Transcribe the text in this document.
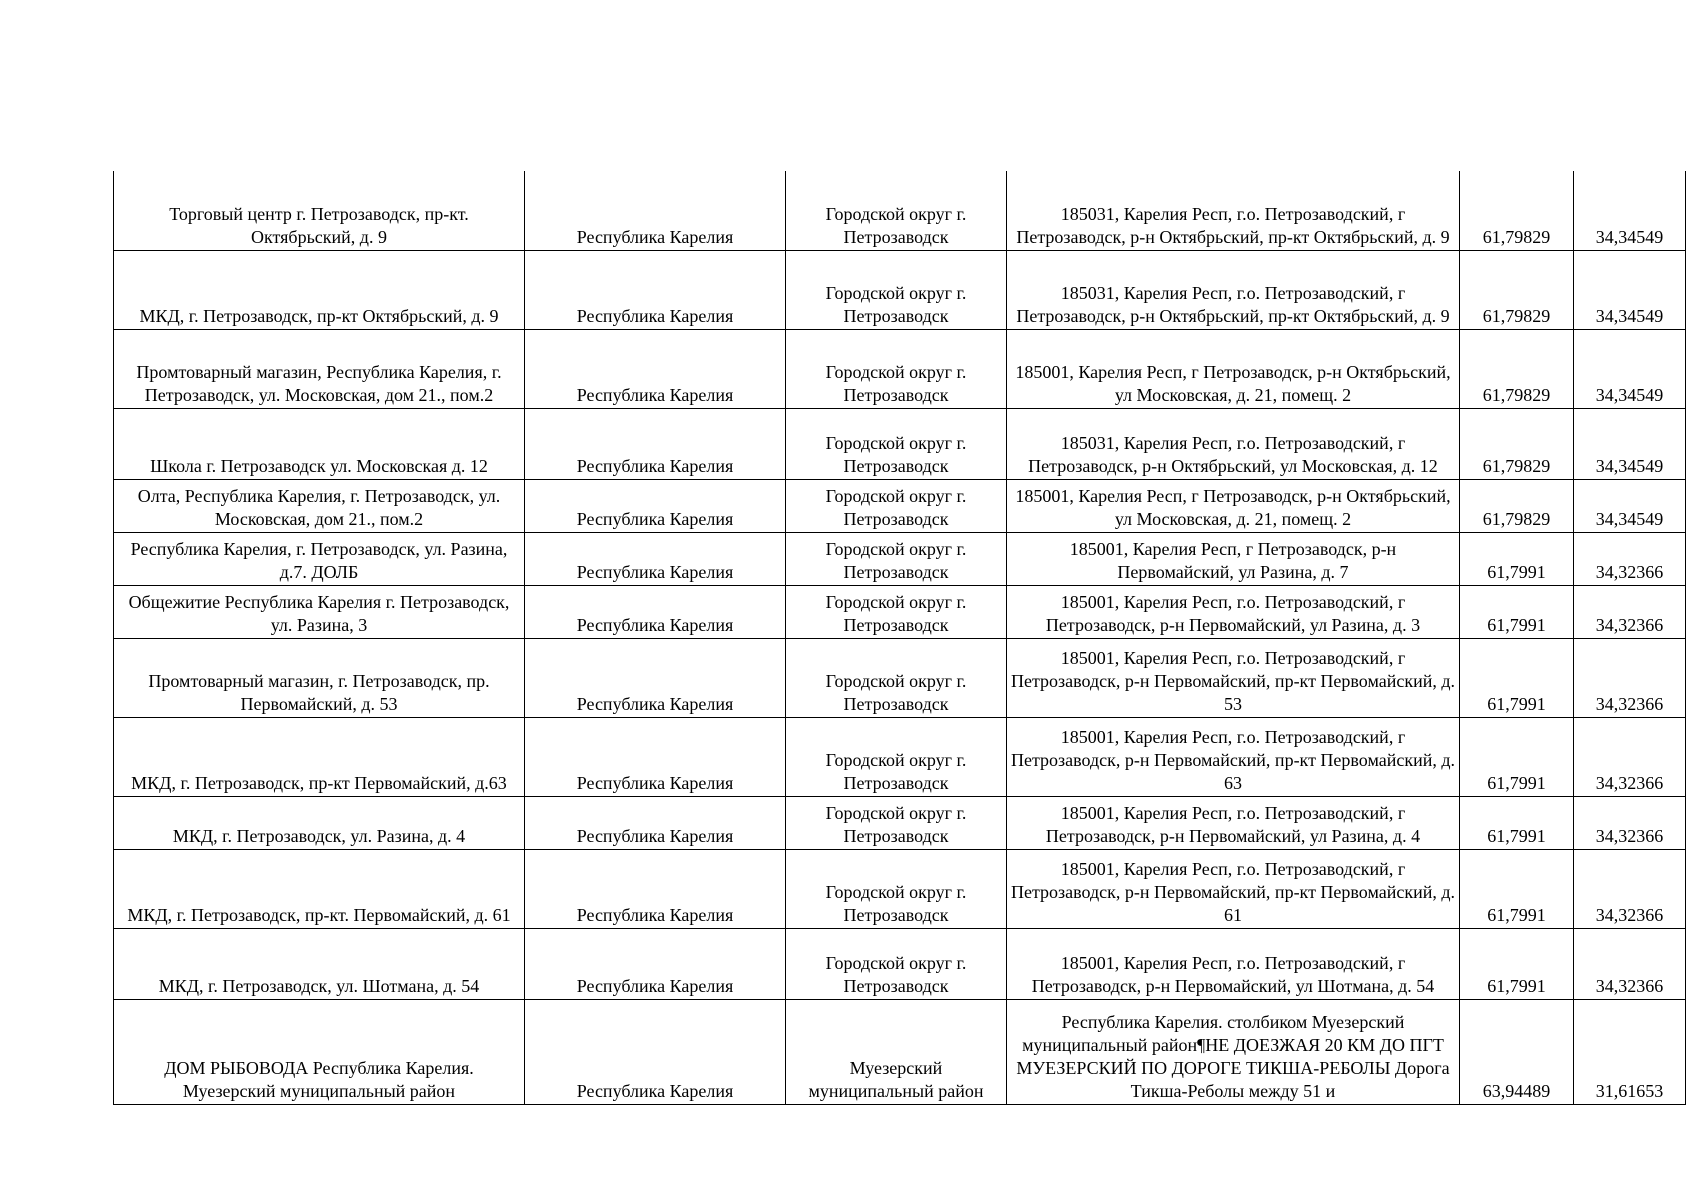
Торговый центр г. Петрозаводск, пр-кт. Октябрьский, д. 9	Республика Карелия	Городской округ г. Петрозаводск	185031, Карелия Респ, г.о. Петрозаводский, г Петрозаводск, р-н Октябрьский, пр-кт Октябрьский, д. 9	61,79829	34,34549
МКД, г. Петрозаводск, пр-кт Октябрьский, д. 9	Республика Карелия	Городской округ г. Петрозаводск	185031, Карелия Респ, г.о. Петрозаводский, г Петрозаводск, р-н Октябрьский, пр-кт Октябрьский, д. 9	61,79829	34,34549
Промтоварный магазин, Республика Карелия, г. Петрозаводск, ул. Московская, дом 21., пом.2	Республика Карелия	Городской округ г. Петрозаводск	185001, Карелия Респ, г Петрозаводск, р-н Октябрьский, ул Московская, д. 21, помещ. 2	61,79829	34,34549
Школа г. Петрозаводск ул. Московская д. 12	Республика Карелия	Городской округ г. Петрозаводск	185031, Карелия Респ, г.о. Петрозаводский, г Петрозаводск, р-н Октябрьский, ул Московская, д. 12	61,79829	34,34549
Олта, Республика Карелия, г. Петрозаводск, ул. Московская, дом 21., пом.2	Республика Карелия	Городской округ г. Петрозаводск	185001, Карелия Респ, г Петрозаводск, р-н Октябрьский, ул Московская, д. 21, помещ. 2	61,79829	34,34549
Республика Карелия, г. Петрозаводск, ул. Разина, д.7. ДОЛБ	Республика Карелия	Городской округ г. Петрозаводск	185001, Карелия Респ, г Петрозаводск, р-н Первомайский, ул Разина, д. 7	61,7991	34,32366
Общежитие Республика Карелия г. Петрозаводск, ул. Разина, 3	Республика Карелия	Городской округ г. Петрозаводск	185001, Карелия Респ, г.о. Петрозаводский, г Петрозаводск, р-н Первомайский, ул Разина, д. 3	61,7991	34,32366
Промтоварный магазин, г. Петрозаводск, пр. Первомайский, д. 53	Республика Карелия	Городской округ г. Петрозаводск	185001, Карелия Респ, г.о. Петрозаводский, г Петрозаводск, р-н Первомайский, пр-кт Первомайский, д. 53	61,7991	34,32366
МКД, г. Петрозаводск, пр-кт Первомайский, д.63	Республика Карелия	Городской округ г. Петрозаводск	185001, Карелия Респ, г.о. Петрозаводский, г Петрозаводск, р-н Первомайский, пр-кт Первомайский, д. 63	61,7991	34,32366
МКД, г. Петрозаводск, ул. Разина, д. 4	Республика Карелия	Городской округ г. Петрозаводск	185001, Карелия Респ, г.о. Петрозаводский, г Петрозаводск, р-н Первомайский, ул Разина, д. 4	61,7991	34,32366
МКД, г. Петрозаводск, пр-кт. Первомайский, д. 61	Республика Карелия	Городской округ г. Петрозаводск	185001, Карелия Респ, г.о. Петрозаводский, г Петрозаводск, р-н Первомайский, пр-кт Первомайский, д. 61	61,7991	34,32366
МКД, г. Петрозаводск, ул. Шотмана, д. 54	Республика Карелия	Городской округ г. Петрозаводск	185001, Карелия Респ, г.о. Петрозаводский, г Петрозаводск, р-н Первомайский, ул Шотмана, д. 54	61,7991	34,32366
ДОМ РЫБОВОДА Республика Карелия. Муезерский муниципальный район	Республика Карелия	Муезерский муниципальный район	Республика Карелия. столбиком Муезерский муниципальный район¶НЕ ДОЕЗЖАЯ 20 КМ ДО ПГТ МУЕЗЕРСКИЙ ПО ДОРОГЕ ТИКША-РЕБОЛЫ Дорога Тикша-Реболы между 51 и	63,94489	31,61653
